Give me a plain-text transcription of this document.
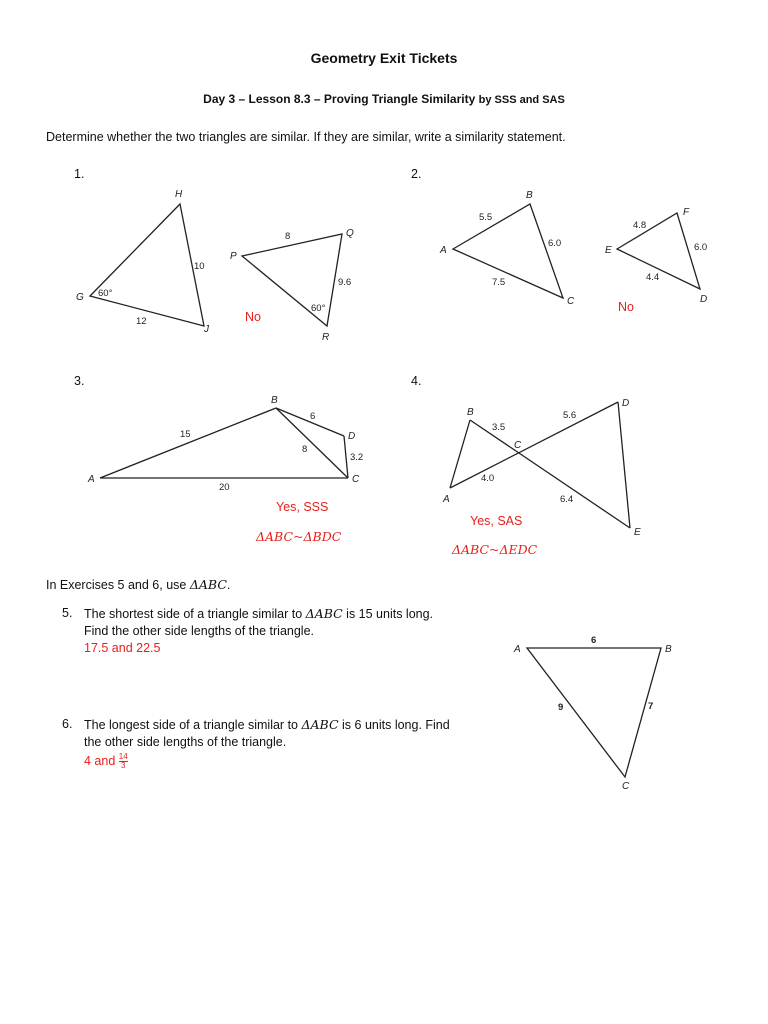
Geometry Exit Tickets
Day 3 – Lesson 8.3 – Proving Triangle Similarity by SSS and SAS
Determine whether the two triangles are similar. If they are similar, write a similarity statement.
1.
H
G
J
60°
10
12
P
Q
R
60°
8
9.6
No
2.
A
B
C
5.5
6.0
7.5
E
F
D
4.8
6.0
4.4
No
3.
A
B
C
D
15
20
6
8
3.2
Yes, SSS
ΔABC~ΔBDC
4.
B
A
C
D
E
3.5
5.6
4.0
6.4
Yes, SAS
ΔABC~ΔEDC
In Exercises 5 and 6, use ΔABC.
5. The shortest side of a triangle similar to ΔABC is 15 units long.
Find the other side lengths of the triangle.
17.5 and 22.5
6. The longest side of a triangle similar to ΔABC is 6 units long. Find
the other side lengths of the triangle.
4 and $\frac{14}{3}$
A	B
C
6
9	7
